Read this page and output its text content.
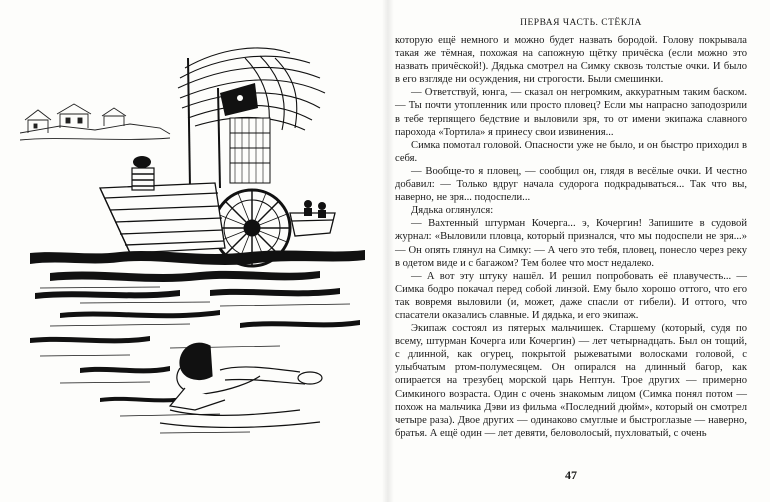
ПЕРВАЯ ЧАСТЬ. СТЁКЛА

которую ещё немного и можно будет назвать бородой. Голову покрывала такая же тёмная, похожая на сапожную щётку причёска (если можно это назвать причёской!). Дядька смотрел на Симку сквозь толстые очки. И было в его взгляде ни осуждения, ни строгости. Были смешинки.

— Ответствуй, юнга, — сказал он негромким, аккуратным таким баском. — Ты почти утопленник или просто пловец? Если мы напрасно заподозрили в тебе терпящего бедствие и выловили зря, то от имени экипажа славного парохода «Тортила» я принесу свои извинения...

Симка помотал головой. Опасности уже не было, и он быстро приходил в себя.

— Вообще-то я пловец, — сообщил он, глядя в весёлые очки. И честно добавил: — Только вдруг начала судорога подкрадываться... Так что вы, наверно, не зря... подоспели...

Дядька оглянулся:

— Вахтенный штурман Кочерга... э, Кочергин! Запишите в судовой журнал: «Выловили пловца, который признался, что мы подоспели не зря...» — Он опять глянул на Симку: — А чего это тебя, пловец, понесло через реку в одетом виде и с багажом? Тем более что мост недалеко.

— А вот эту штуку нашёл. И решил попробовать её плавучесть... — Симка бодро покачал перед собой линзой. Ему было хорошо оттого, что его так вовремя выловили (и, может, даже спасли от гибели). И оттого, что спасатели оказались славные. И дядька, и его экипаж.

Экипаж состоял из пятерых мальчишек. Старшему (который, судя по всему, штурман Кочерга или Кочергин) — лет четырнадцать. Был он тощий, с длинной, как огурец, покрытой рыжеватыми волосками головой, с улыбчатым ртом-полумесяцем. Он опирался на длинный багор, как опирается на трезубец морской царь Нептун. Трое других — примерно Симкиного возраста. Один с очень знакомым лицом (Симка понял потом — похож на мальчика Дэви из фильма «Последний дюйм», который он смотрел четыре раза). Двое других — одинаково смуглые и быстроглазые — наверно, братья. А ещё один — лет девяти, беловолосый, пухловатый, с очень

47
